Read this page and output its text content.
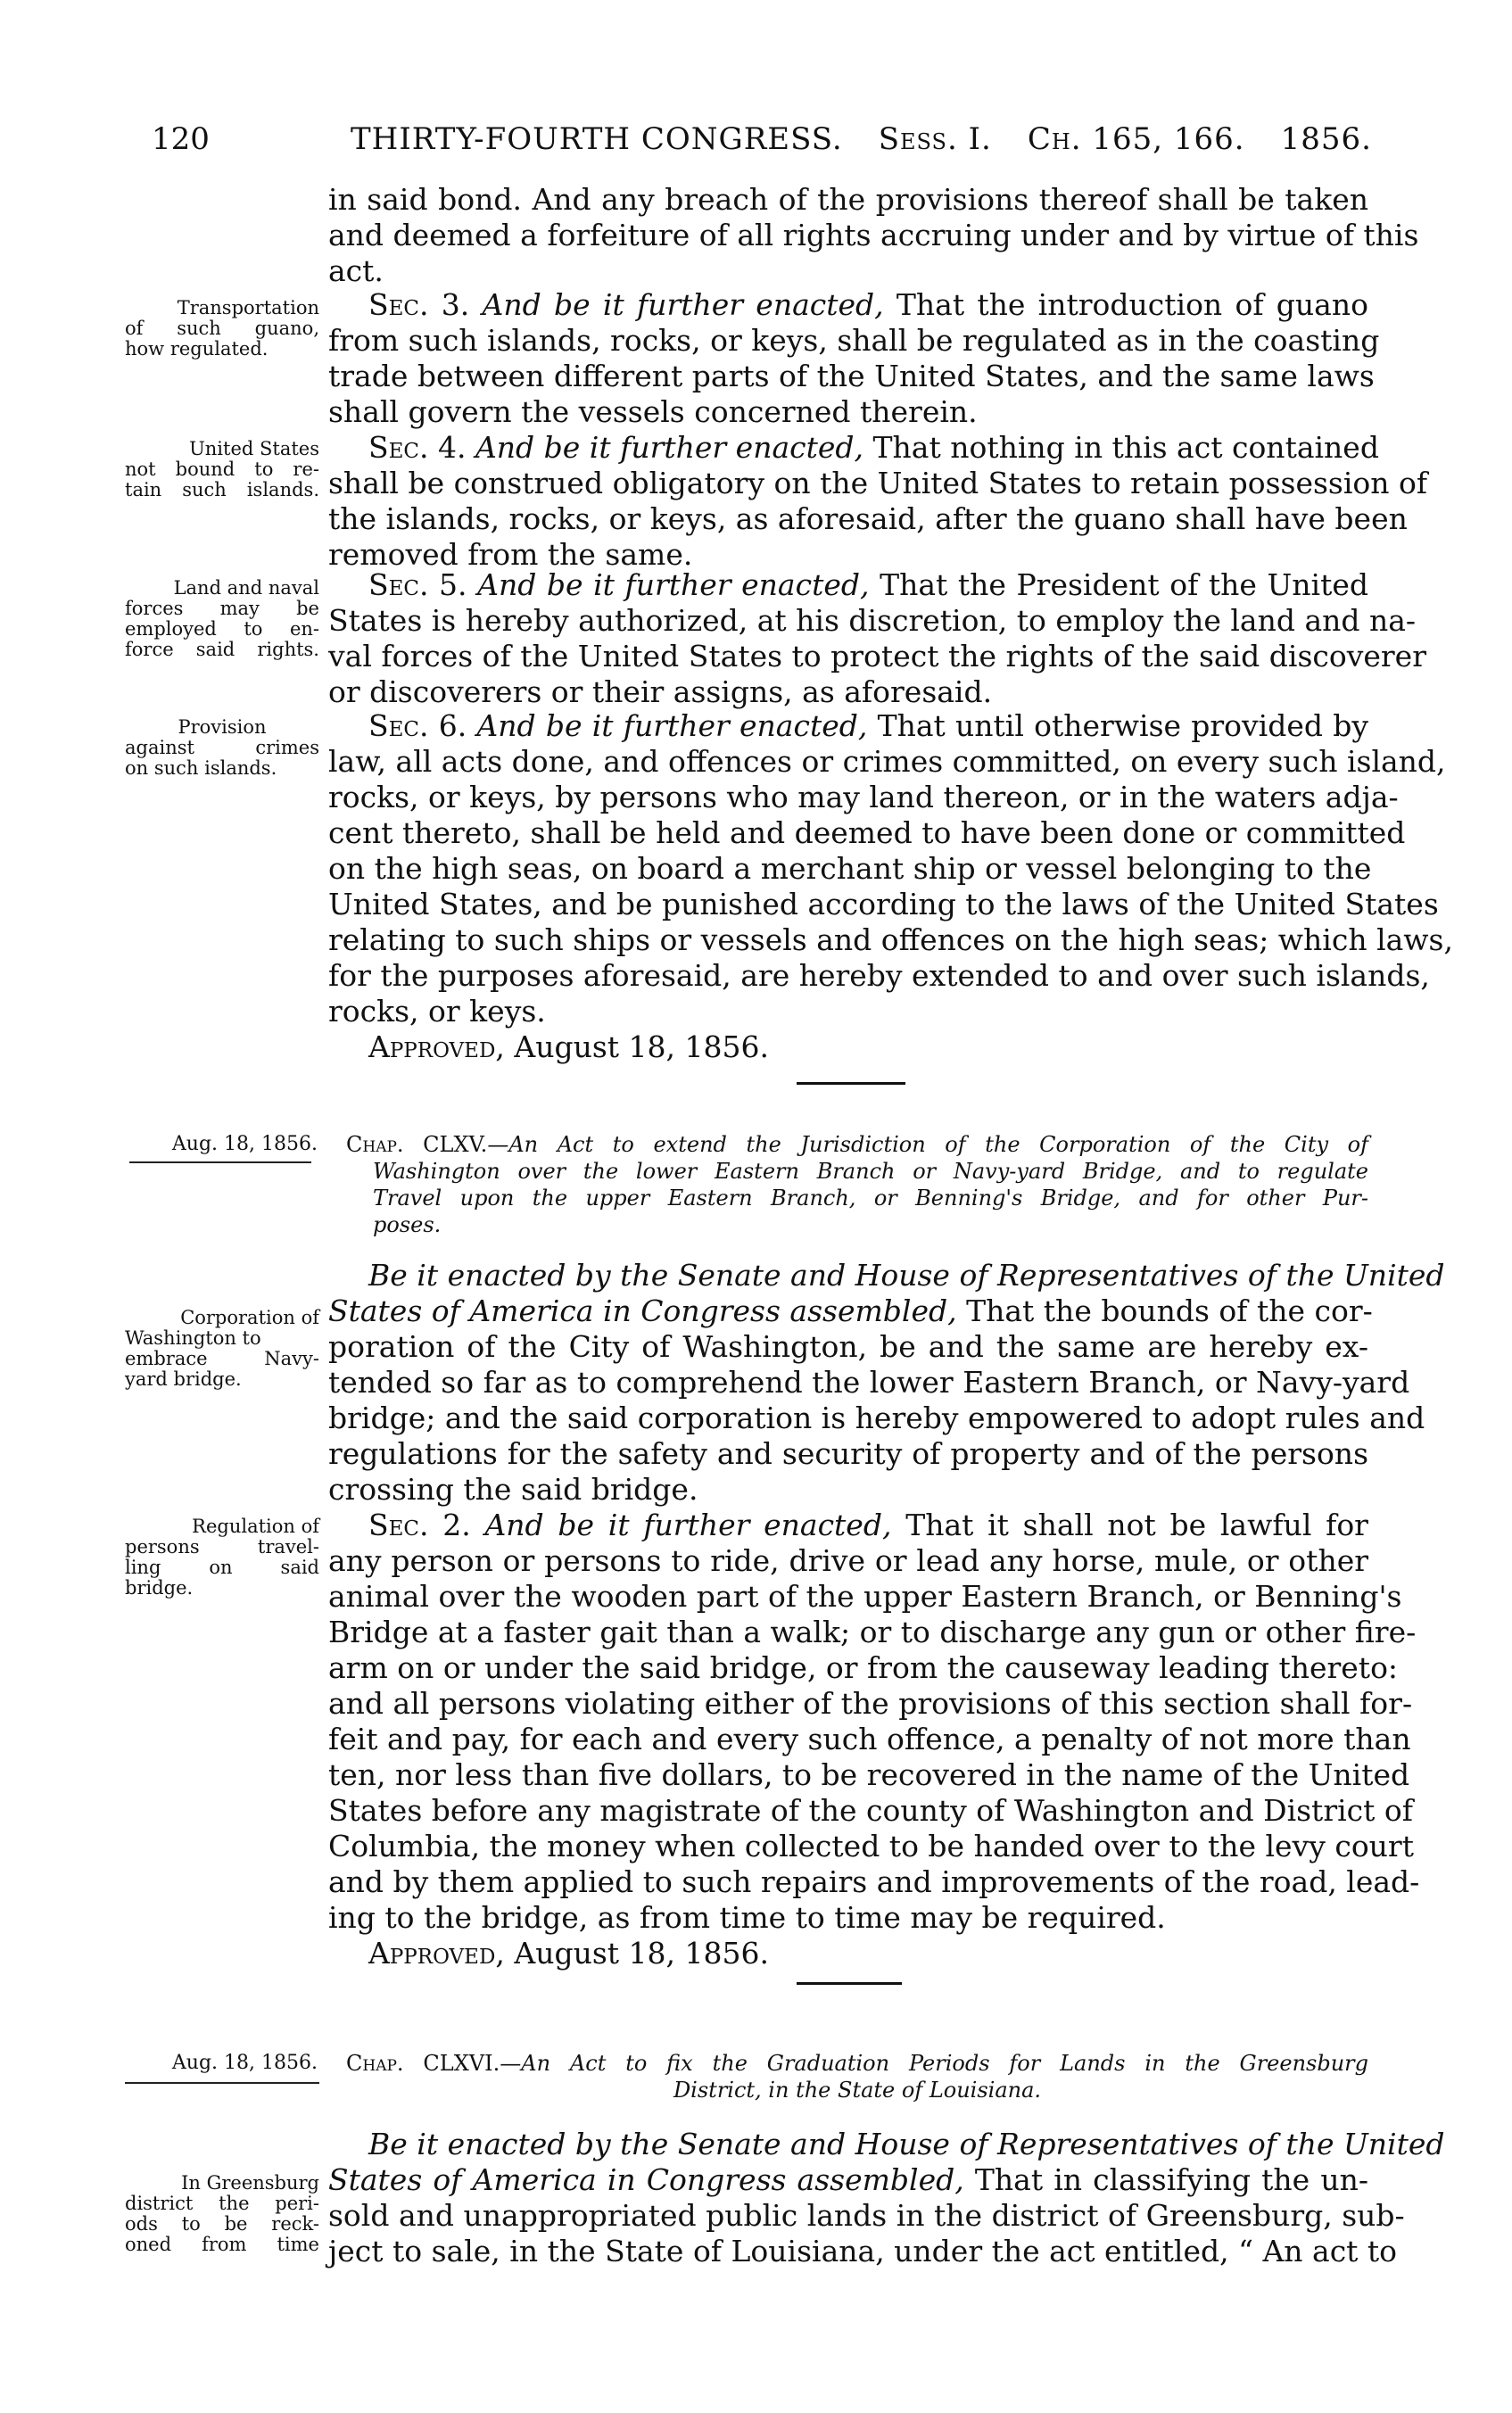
120	THIRTY-FOURTH CONGRESS. Sess. I. Ch. 165, 166. 1856.
in said bond. And any breach of the provisions thereof shall be taken
and deemed a forfeiture of all rights accruing under and by virtue of this
act.
Transportation
of such guano,
how regulated.
Sec. 3. And be it further enacted, That the introduction of guano
from such islands, rocks, or keys, shall be regulated as in the coasting
trade between different parts of the United States, and the same laws
shall govern the vessels concerned therein.
United States
not bound to re-
tain such islands.
Sec. 4. And be it further enacted, That nothing in this act contained
shall be construed obligatory on the United States to retain possession of
the islands, rocks, or keys, as aforesaid, after the guano shall have been
removed from the same.
Land and naval
forces may be
employed to en-
force said rights.
Sec. 5. And be it further enacted, That the President of the United
States is hereby authorized, at his discretion, to employ the land and na-
val forces of the United States to protect the rights of the said discoverer
or discoverers or their assigns, as aforesaid.
Provision
against crimes
on such islands.
Sec. 6. And be it further enacted, That until otherwise provided by
law, all acts done, and offences or crimes committed, on every such island,
rocks, or keys, by persons who may land thereon, or in the waters adja-
cent thereto, shall be held and deemed to have been done or committed
on the high seas, on board a merchant ship or vessel belonging to the
United States, and be punished according to the laws of the United States
relating to such ships or vessels and offences on the high seas; which laws,
for the purposes aforesaid, are hereby extended to and over such islands,
rocks, or keys.
Approved, August 18, 1856.
Aug. 18, 1856. Chap. CLXV.—An Act to extend the Jurisdiction of the Corporation of the City of
Washington over the lower Eastern Branch or Navy-yard Bridge, and to regulate
Travel upon the upper Eastern Branch, or Benning's Bridge, and for other Pur-
poses.
Be it enacted by the Senate and House of Representatives of the United
Corporation of
Washington to
embrace Navy-
yard bridge.
States of America in Congress assembled, That the bounds of the cor-
poration of the City of Washington, be and the same are hereby ex-
tended so far as to comprehend the lower Eastern Branch, or Navy-yard
bridge; and the said corporation is hereby empowered to adopt rules and
regulations for the safety and security of property and of the persons
crossing the said bridge.
Regulation of
persons travel-
ling on said
bridge.
Sec. 2. And be it further enacted, That it shall not be lawful for
any person or persons to ride, drive or lead any horse, mule, or other
animal over the wooden part of the upper Eastern Branch, or Benning's
Bridge at a faster gait than a walk; or to discharge any gun or other fire-
arm on or under the said bridge, or from the causeway leading thereto:
and all persons violating either of the provisions of this section shall for-
feit and pay, for each and every such offence, a penalty of not more than
ten, nor less than five dollars, to be recovered in the name of the United
States before any magistrate of the county of Washington and District of
Columbia, the money when collected to be handed over to the levy court
and by them applied to such repairs and improvements of the road, lead-
ing to the bridge, as from time to time may be required.
Approved, August 18, 1856.
Aug. 18, 1856. Chap. CLXVI.—An Act to fix the Graduation Periods for Lands in the Greensburg
District, in the State of Louisiana.
Be it enacted by the Senate and House of Representatives of the United
In Greensburg
district the peri-
ods to be reck-
oned from time
States of America in Congress assembled, That in classifying the un-
sold and unappropriated public lands in the district of Greensburg, sub-
ject to sale, in the State of Louisiana, under the act entitled, “ An act to
